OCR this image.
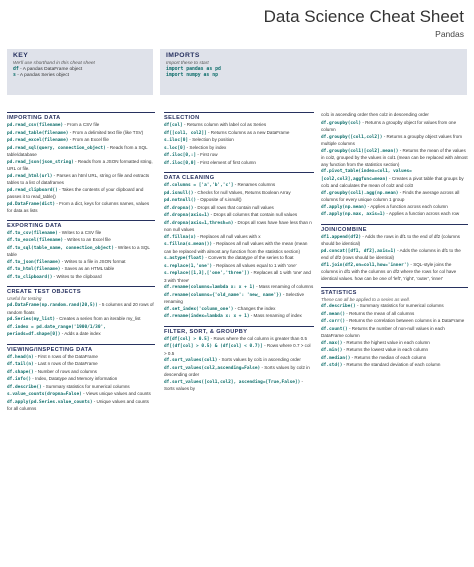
Data Science Cheat Sheet
Pandas
KEY
We'll use shorthand in this cheat sheet
df - A pandas DataFrame object
s - A pandas Series object
IMPORTS
Import these to start
import pandas as pd
import numpy as np
IMPORTING DATA
pd.read_csv(filename) - From a CSV file
pd.read_table(filename) - From a delimited text file (like TSV)
pd.read_excel(filename) - From an Excel file
pd.read_sql(query, connection_object) - Reads from a SQL table/database
pd.read_json(json_string) - Reads from a JSON formatted string, URL or file.
pd.read_html(url) - Parses an html URL, string or file and extracts tables to a list of dataframes
pd.read_clipboard() - Takes the contents of your clipboard and passes it to read_table()
pd.DataFrame(dict) - From a dict, keys for columns names, values for data as lists
EXPORTING DATA
df.to_csv(filename) - Writes to a CSV file
df.to_excel(filename) - Writes to an Excel file
df.to_sql(table_name, connection_object) - Writes to a SQL table
df.to_json(filename) - Writes to a file in JSON format
df.to_html(filename) - Saves as an HTML table
df.to_clipboard() - Writes to the clipboard
CREATE TEST OBJECTS
Useful for testing
pd.DataFrame(np.random.rand(20,5)) - 5 columns and 20 rows of random floats
pd.Series(my_list) - Creates a series from an iterable my_list
df.index = pd.date_range('1900/1/30', periods=df.shape[0]) - Adds a date index
VIEWING/INSPECTING DATA
df.head(n) - First n rows of the DataFrame
df.tail(n) - Last n rows of the DataFrame
df.shape() - Number of rows and columns
df.info() - Index, Datatype and Memory information
df.describe() - Summary statistics for numerical columns
s.value_counts(dropna=False) - Views unique values and counts
df.apply(pd.Series.value_counts) - Unique values and counts for all columns
SELECTION
df[col] - Returns column with label col as Series
df[[col1, col2]] - Returns Columns as a new DataFrame
s.iloc[0] - Selection by position
s.loc[0] - Selection by index
df.iloc[0,:] - First row
df.iloc[0,0] - First element of first column
DATA CLEANING
df.columns = ['a','b','c'] - Renames columns
pd.isnull() - Checks for null Values, Returns Boolean Array
pd.notnull() - Opposite of s.isnull()
df.dropna() - Drops all rows that contain null values
df.dropna(axis=1) - Drops all columns that contain null values
df.dropna(axis=1,thresh=n) - Drops all rows have have less than n non null values
df.fillna(x) - Replaces all null values with x
s.fillna(s.mean()) - Replaces all null values with the mean (mean can be replaced with almost any function from the statistics section)
s.astype(float) - Converts the datatype of the series to float
s.replace(1,'one') - Replaces all values equal to 1 with 'one'
s.replace([1,3],['one','three']) - Replaces all 1 with 'one' and 3 with 'three'
df.rename(columns=lambda x: x + 1) - Mass renaming of columns
df.rename(columns={'old_name': 'new_ name'}) - Selective renaming
df.set_index('column_one') - Changes the index
df.rename(index=lambda x: x + 1) - Mass renaming of index
FILTER, SORT, & GROUPBY
df[df[col] > 0.5] - Rows where the col column is greater than 0.5
df[(df[col] > 0.5) & (df[col] < 0.7)] - Rows where 0.7 > col > 0.5
df.sort_values(col1) - Sorts values by col1 in ascending order
df.sort_values(col2,ascending=False) - Sorts values by col2 in descending order
df.sort_values([col1,col2], ascending=[True,False]) - Sorts values by
col1 in ascending order then col2 in descending order
df.groupby(col) - Returns a groupby object for values from one column
df.groupby([col1,col2]) - Returns a groupby object values from multiple columns
df.groupby(col1)[col2].mean() - Returns the mean of the values in col2, grouped by the values in col1 (mean can be replaced with almost any function from the statistics section)
df.pivot_table(index=col1, values=[col2,col3],aggfunc=mean) - Creates a pivot table that groups by col1 and calculates the mean of col2 and col3
df.groupby(col1).agg(np.mean) - Finds the average across all columns for every unique column 1 group
df.apply(np.mean) - Applies a function across each column
df.apply(np.max, axis=1) - Applies a function across each row
JOIN/COMBINE
df1.append(df2) - Adds the rows in df1 to the end of df2 (columns should be identical)
pd.concat([df1, df2],axis=1) - Adds the columns in df1 to the end of df2 (rows should be identical)
df1.join(df2,on=col1,how='inner') - SQL-style joins the columns in df1 with the columns on df2 where the rows for col have identical values. how can be one of 'left', 'right', 'outer', 'inner'
STATISTICS
These can all be applied to a series as well.
df.describe() - Summary statistics for numerical columns
df.mean() - Returns the mean of all columns
df.corr() - Returns the correlation between columns in a DataFrame
df.count() - Returns the number of non-null values in each DataFrame column
df.max() - Returns the highest value in each column
df.min() - Returns the lowest value in each column
df.median() - Returns the median of each column
df.std() - Returns the standard deviation of each column
